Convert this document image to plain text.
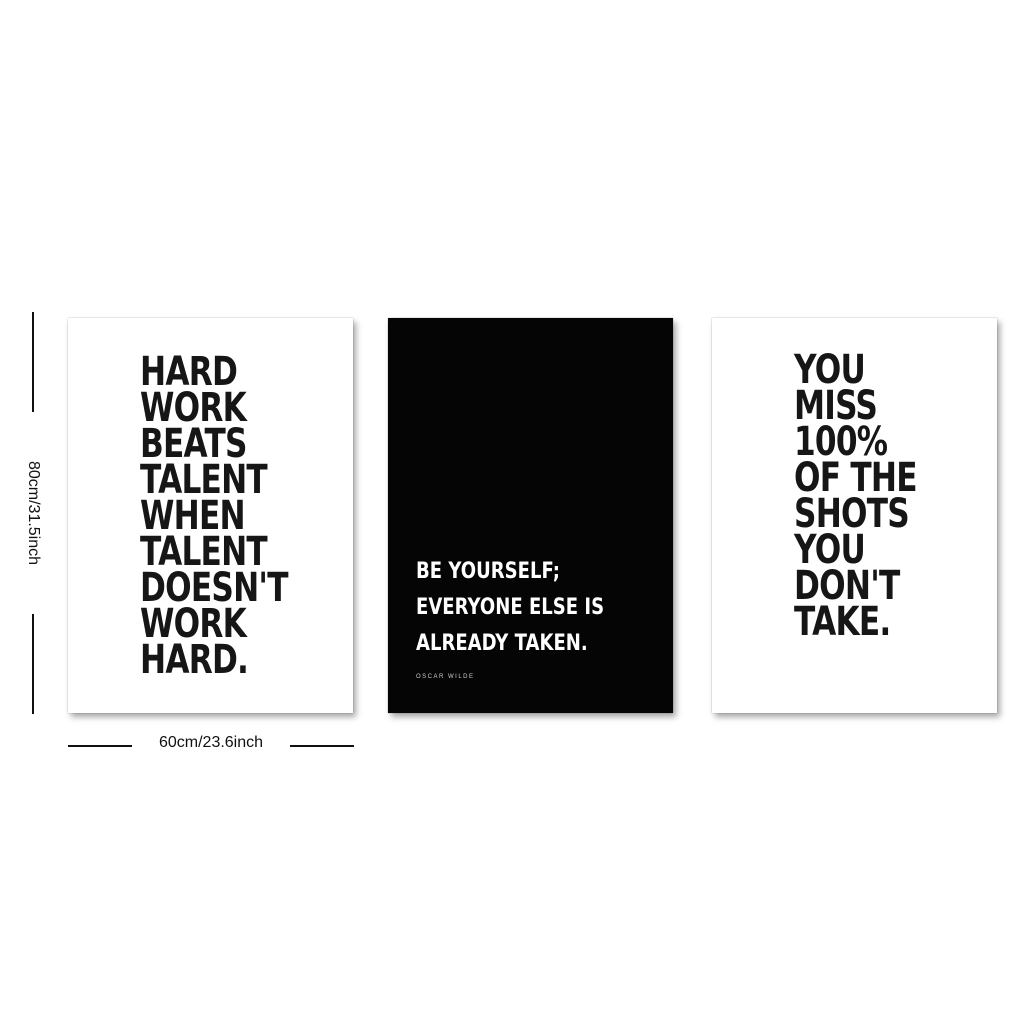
80cm/31.5inch
HARD
WORK
BEATS
TALENT
WHEN
TALENT
DOESN'T
WORK
HARD.
BE YOURSELF;
EVERYONE ELSE IS
ALREADY TAKEN.
OSCAR WILDE
YOU
MISS
100%
OF THE
SHOTS
YOU
DON'T
TAKE.
60cm/23.6inch
